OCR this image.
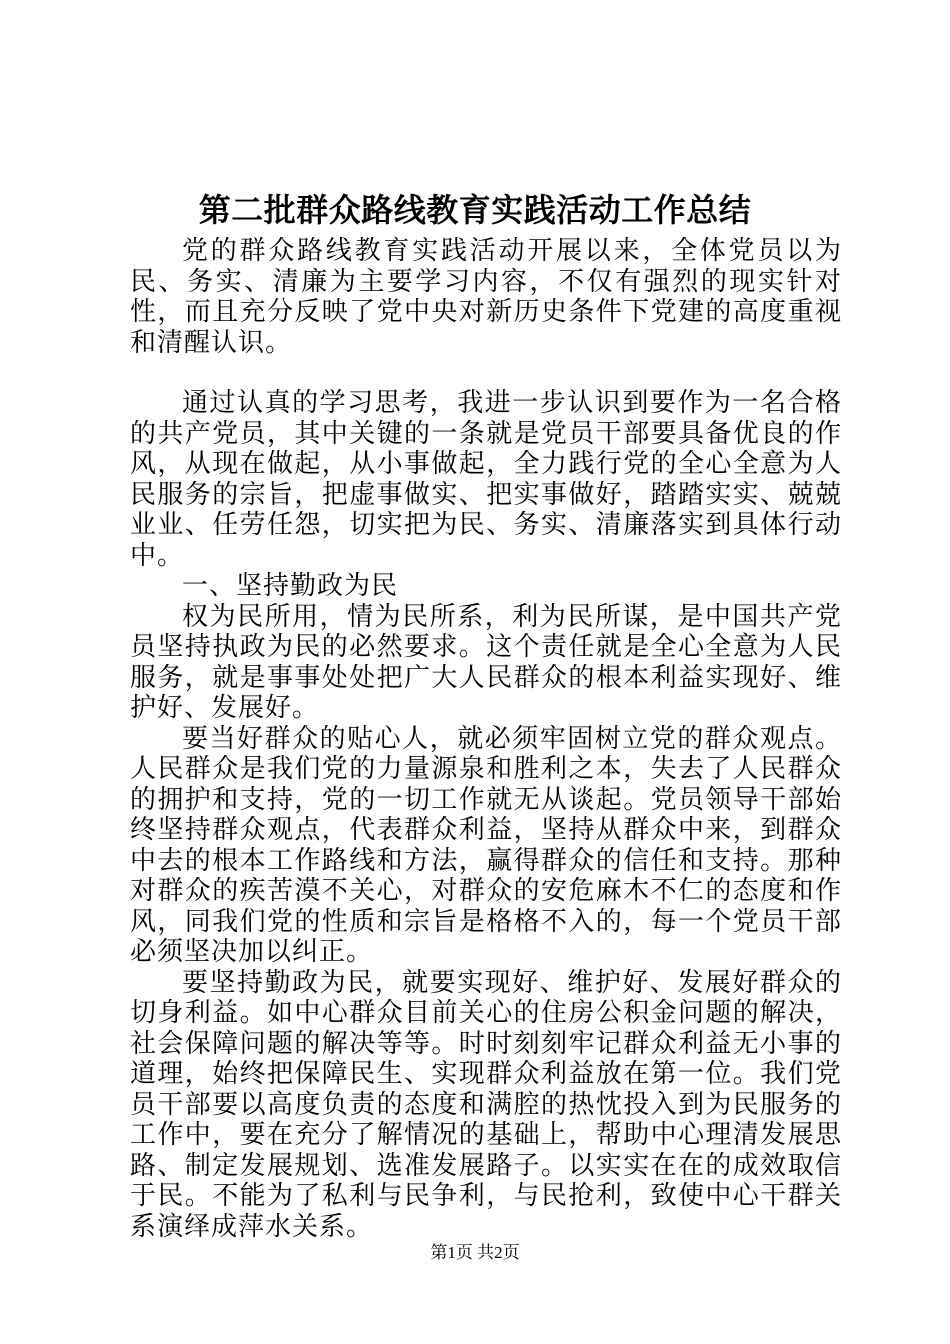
第二批群众路线教育实践活动工作总结

党的群众路线教育实践活动开展以来，全体党员以为民、务实、清廉为主要学习内容，不仅有强烈的现实针对性，而且充分反映了党中央对新历史条件下党建的高度重视和清醒认识。

通过认真的学习思考，我进一步认识到要作为一名合格的共产党员，其中关键的一条就是党员干部要具备优良的作风，从现在做起，从小事做起，全力践行党的全心全意为人民服务的宗旨，把虚事做实、把实事做好，踏踏实实、兢兢业业、任劳任怨，切实把为民、务实、清廉落实到具体行动中。

一、坚持勤政为民

权为民所用，情为民所系，利为民所谋，是中国共产党员坚持执政为民的必然要求。这个责任就是全心全意为人民服务，就是事事处处把广大人民群众的根本利益实现好、维护好、发展好。

要当好群众的贴心人，就必须牢固树立党的群众观点。人民群众是我们党的力量源泉和胜利之本，失去了人民群众的拥护和支持，党的一切工作就无从谈起。党员领导干部始终坚持群众观点，代表群众利益，坚持从群众中来，到群众中去的根本工作路线和方法，赢得群众的信任和支持。那种对群众的疾苦漠不关心，对群众的安危麻木不仁的态度和作风，同我们党的性质和宗旨是格格不入的，每一个党员干部必须坚决加以纠正。

要坚持勤政为民，就要实现好、维护好、发展好群众的切身利益。如中心群众目前关心的住房公积金问题的解决，社会保障问题的解决等等。时时刻刻牢记群众利益无小事的道理，始终把保障民生、实现群众利益放在第一位。我们党员干部要以高度负责的态度和满腔的热忱投入到为民服务的工作中，要在充分了解情况的基础上，帮助中心理清发展思路、制定发展规划、选准发展路子。以实实在在的成效取信于民。不能为了私利与民争利，与民抢利，致使中心干群关系演绎成萍水关系。

第1页 共2页
